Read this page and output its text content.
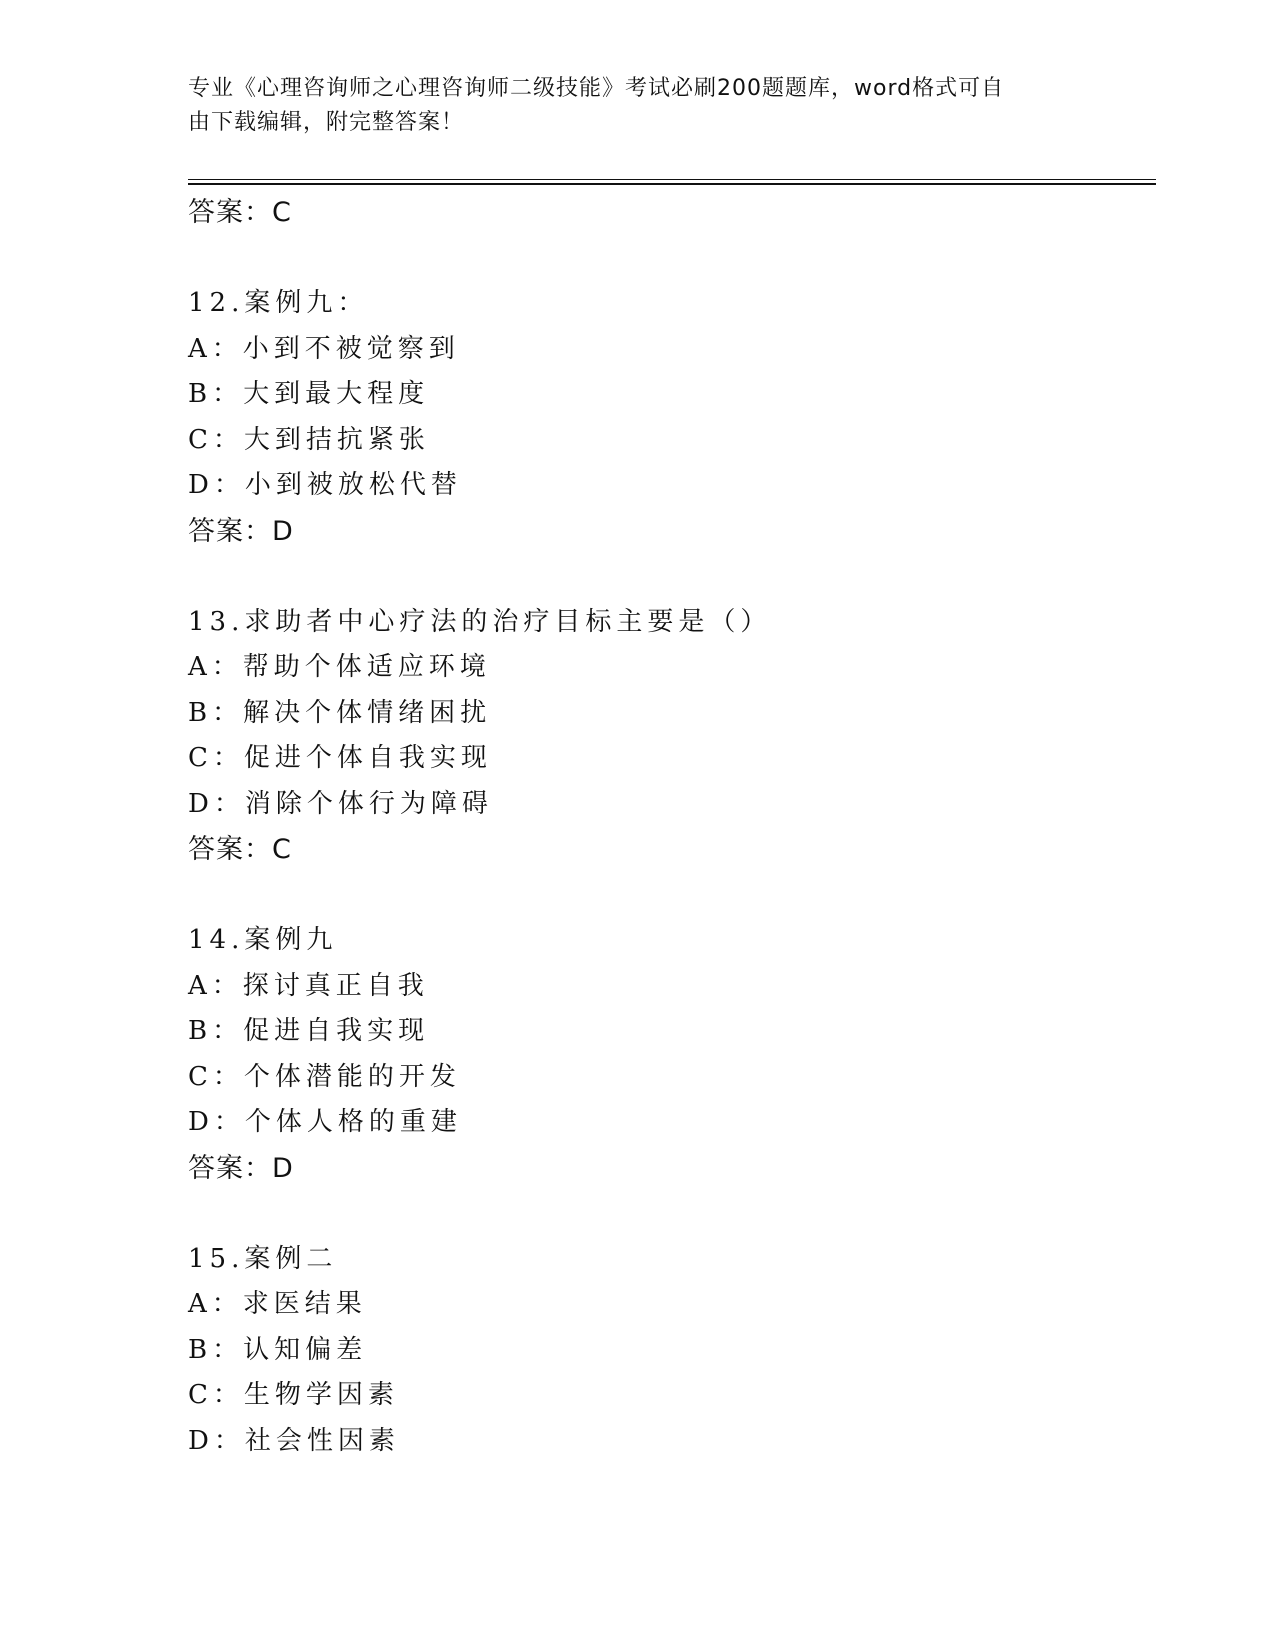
专业《心理咨询师之心理咨询师二级技能》考试必刷200题题库，word格式可自
由下载编辑，附完整答案！
答案：C
12.案例九：
A：小到不被觉察到
B：大到最大程度
C：大到拮抗紧张
D：小到被放松代替
答案：D
13.求助者中心疗法的治疗目标主要是（）
A：帮助个体适应环境
B：解决个体情绪困扰
C：促进个体自我实现
D：消除个体行为障碍
答案：C
14.案例九
A：探讨真正自我
B：促进自我实现
C：个体潜能的开发
D：个体人格的重建
答案：D
15.案例二
A：求医结果
B：认知偏差
C：生物学因素
D：社会性因素
